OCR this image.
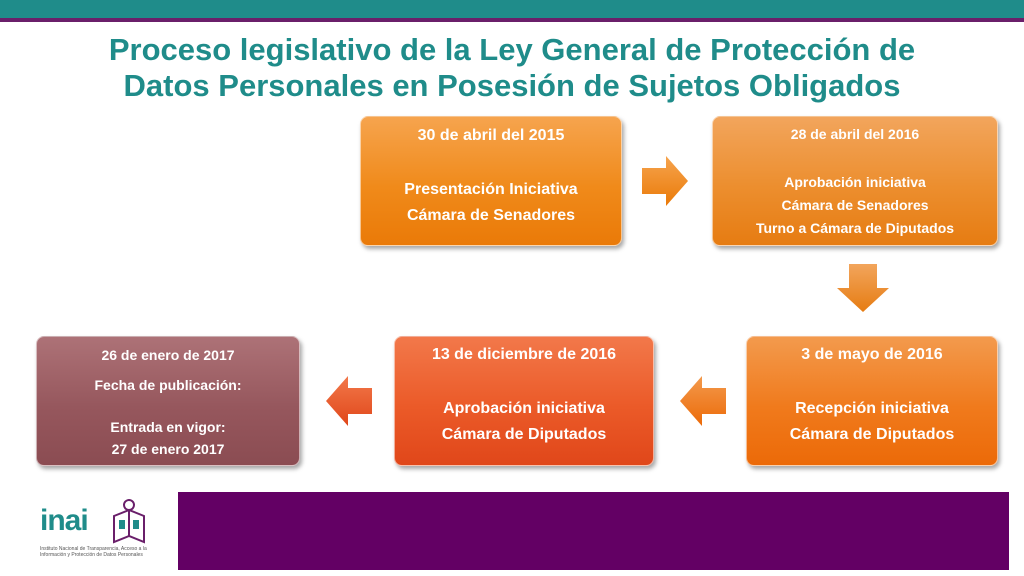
Proceso legislativo de la Ley General de Protección de
Datos Personales en Posesión de Sujetos Obligados
30 de abril del 2015
Presentación Iniciativa
Cámara de Senadores
28 de abril del 2016
Aprobación iniciativa
Cámara de Senadores
Turno a Cámara de Diputados
3 de mayo de 2016
Recepción iniciativa
Cámara de Diputados
13 de diciembre de 2016
Aprobación iniciativa
Cámara de Diputados
26 de enero de 2017
Fecha de publicación:
Entrada en vigor:
27 de enero 2017
inai
Instituto Nacional de Transparencia, Acceso a la Información y Protección de Datos Personales
